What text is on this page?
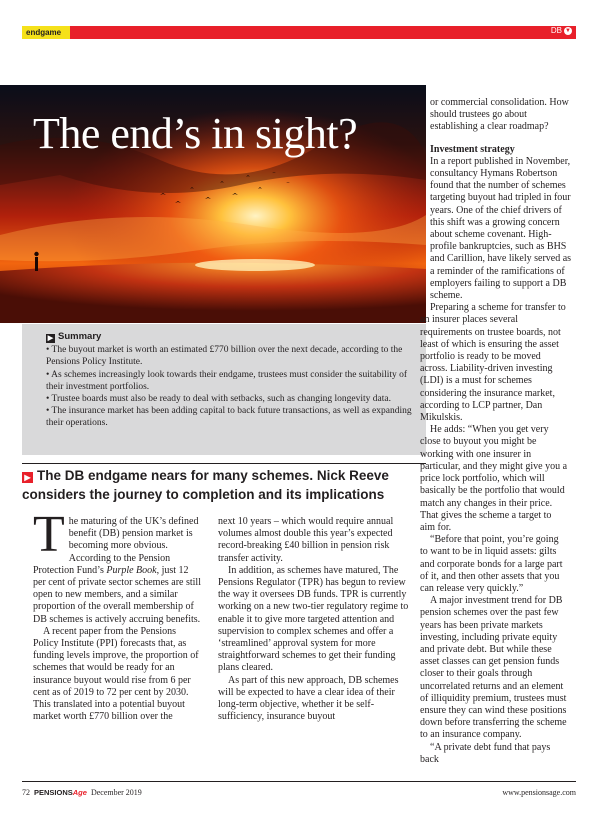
endgame	DB ▼
The end’s in sight?
▶ Summary

• The buyout market is worth an estimated £770 billion over the next decade, according to the Pensions Policy Institute.

• As schemes increasingly look towards their endgame, trustees must consider the suitability of their investment portfolios.

• Trustee boards must also be ready to deal with setbacks, such as changing longevity data.

• The insurance market has been adding capital to back future transactions, as well as expanding their operations.

▶ The DB endgame nears for many schemes. Nick Reeve considers the journey to completion and its implications

The maturing of the UK’s defined benefit (DB) pension market is becoming more obvious. According to the Pension Protection Fund’s Purple Book, just 12 per cent of private sector schemes are still open to new members, and a similar proportion of the overall membership of DB schemes is actively accruing benefits.

A recent paper from the Pensions Policy Institute (PPI) forecasts that, as funding levels improve, the proportion of schemes that would be ready for an insurance buyout would rise from 6 per cent as of 2019 to 72 per cent by 2030. This translated into a potential buyout market worth £770 billion over the

next 10 years – which would require annual volumes almost double this year’s expected record-breaking £40 billion in pension risk transfer activity.

In addition, as schemes have matured, The Pensions Regulator (TPR) has begun to review the way it oversees DB funds. TPR is currently working on a new two-tier regulatory regime to enable it to give more targeted attention and supervision to complex schemes and offer a ‘streamlined’ approval system for more straightforward schemes to get their funding plans cleared.

As part of this new approach, DB schemes will be expected to have a clear idea of their long-term objective, whether it be self-sufficiency, insurance buyout

or commercial consolidation. How should trustees go about establishing a clear roadmap?

Investment strategy

In a report published in November, consultancy Hymans Robertson found that the number of schemes targeting buyout had tripled in four years. One of the chief drivers of this shift was a growing concern about scheme covenant. High-profile bankruptcies, such as BHS and Carillion, have likely served as a reminder of the ramifications of employers failing to support a DB scheme.

Preparing a scheme for transfer to an insurer places several requirements on trustee boards, not least of which is ensuring the asset portfolio is ready to be moved across. Liability-driven investing (LDI) is a must for schemes considering the insurance market, according to LCP partner, Dan Mikulskis.

He adds: “When you get very close to buyout you might be working with one insurer in particular, and they might give you a price lock portfolio, which will basically be the portfolio that would match any changes in their price. That gives the scheme a target to aim for.

“Before that point, you’re going to want to be in liquid assets: gilts and corporate bonds for a large part of it, and then other assets that you can release very quickly.”

A major investment trend for DB pension schemes over the past few years has been private markets investing, including private equity and private debt. But while these asset classes can get pension funds closer to their goals through uncorrelated returns and an element of illiquidity premium, trustees must ensure they can wind these positions down before transferring the scheme to an insurance company.

“A private debt fund that pays back

72 PENSIONSAge December 2019	www.pensionsage.com
